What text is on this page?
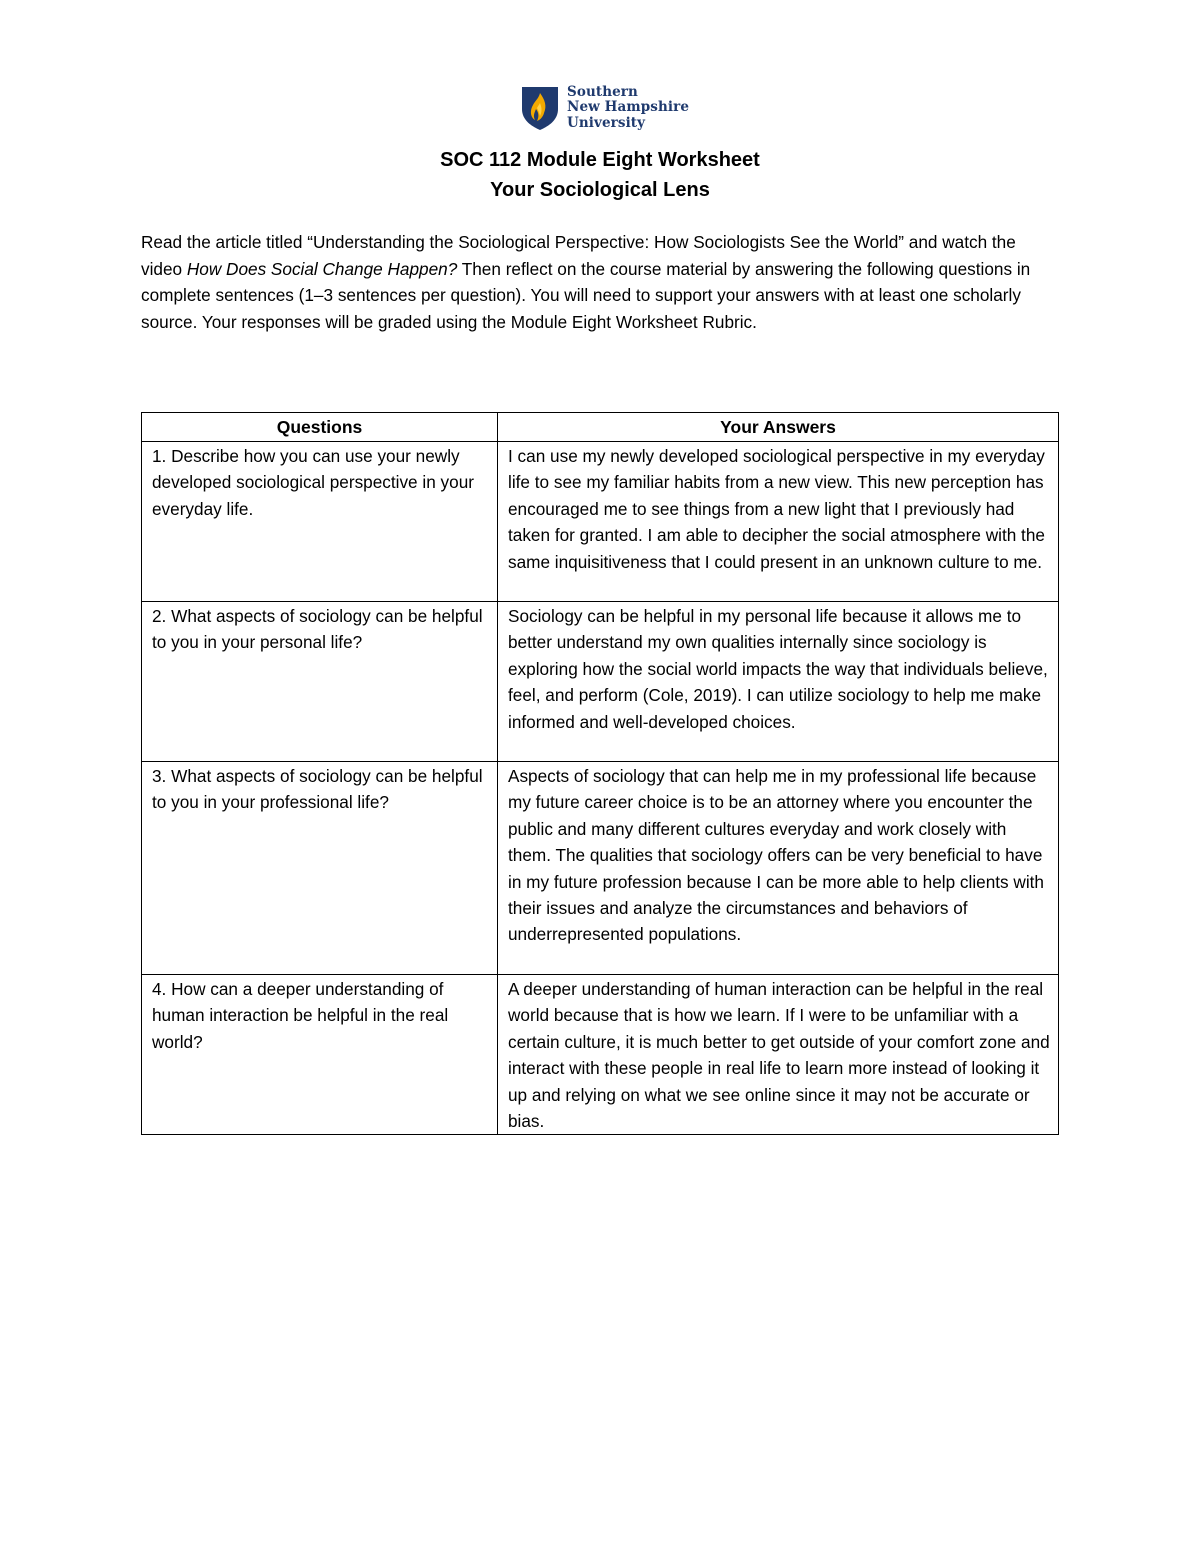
Southern
New Hampshire
University
SOC 112 Module Eight Worksheet
Your Sociological Lens

Read the article titled “Understanding the Sociological Perspective: How Sociologists See the World” and watch the video How Does Social Change Happen? Then reflect on the course material by answering the following questions in complete sentences (1–3 sentences per question). You will need to support your answers with at least one scholarly source. Your responses will be graded using the Module Eight Worksheet Rubric.

Questions	Your Answers
1. Describe how you can use your newly developed sociological perspective in your everyday life.	I can use my newly developed sociological perspective in my everyday life to see my familiar habits from a new view. This new perception has encouraged me to see things from a new light that I previously had taken for granted. I am able to decipher the social atmosphere with the same inquisitiveness that I could present in an unknown culture to me.
2. What aspects of sociology can be helpful to you in your personal life?	Sociology can be helpful in my personal life because it allows me to better understand my own qualities internally since sociology is exploring how the social world impacts the way that individuals believe, feel, and perform (Cole, 2019). I can utilize sociology to help me make informed and well-developed choices.
3. What aspects of sociology can be helpful to you in your professional life?	Aspects of sociology that can help me in my professional life because my future career choice is to be an attorney where you encounter the public and many different cultures everyday and work closely with them. The qualities that sociology offers can be very beneficial to have in my future profession because I can be more able to help clients with their issues and analyze the circumstances and behaviors of underrepresented populations.
4. How can a deeper understanding of human interaction be helpful in the real world?	A deeper understanding of human interaction can be helpful in the real world because that is how we learn. If I were to be unfamiliar with a certain culture, it is much better to get outside of your comfort zone and interact with these people in real life to learn more instead of looking it up and relying on what we see online since it may not be accurate or bias.
